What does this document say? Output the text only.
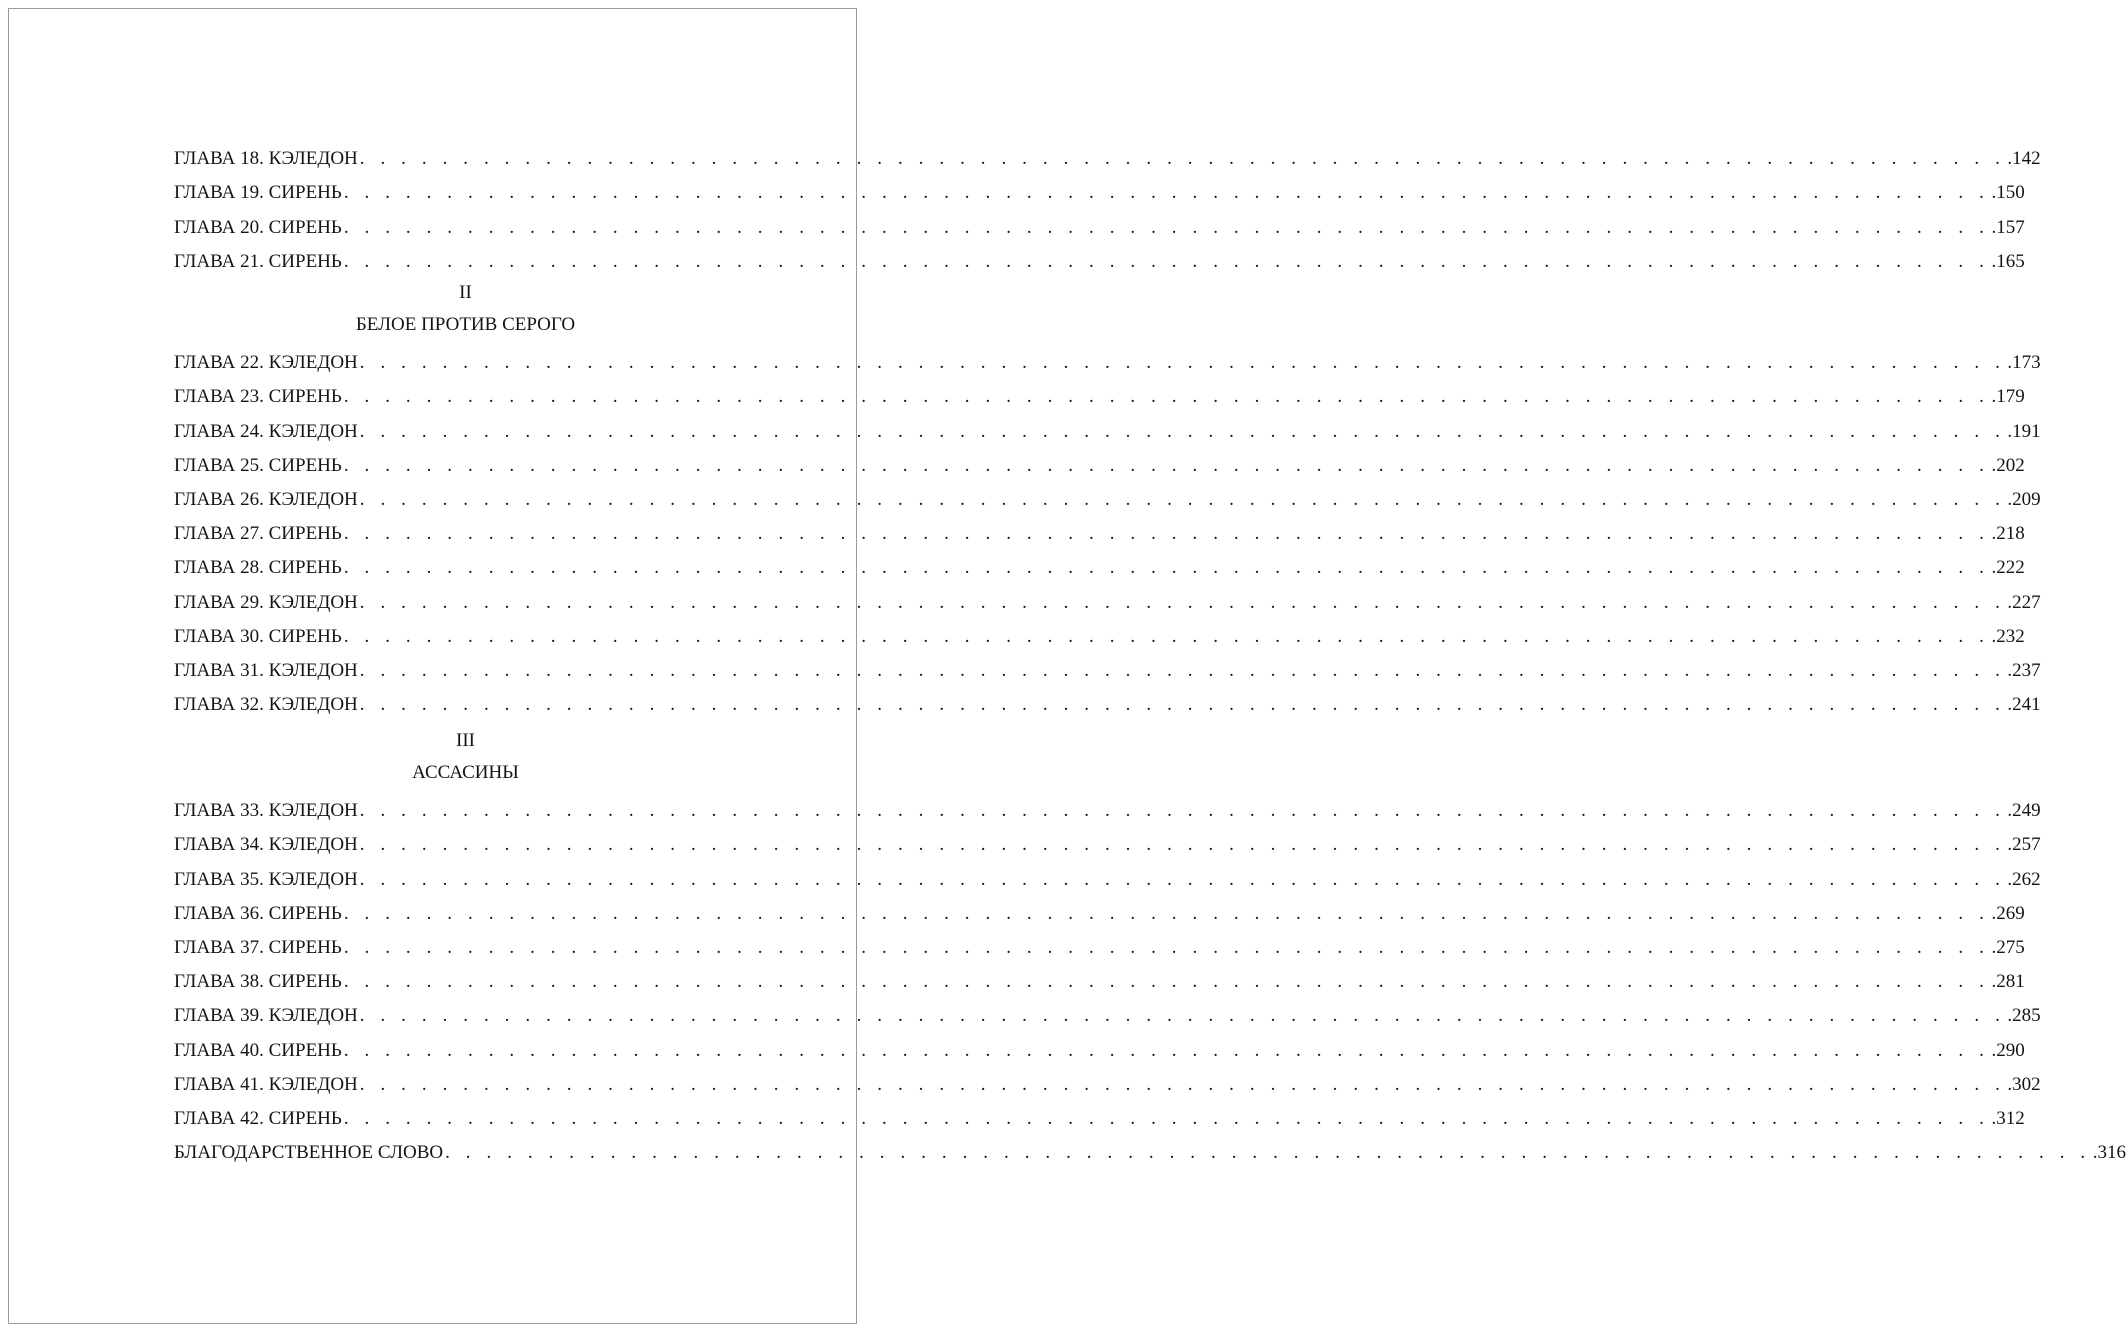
ГЛАВА 18. КЭЛЕДОН . . . . . . . . . . . . . . . . . . . . . . . . . . . . . . . . . . . . . . . . . . . . . . . . . . . . . . . . . . . . . . . . . . . . . . . . . . . . . . . . .142
ГЛАВА 19. СИРЕНЬ . . . . . . . . . . . . . . . . . . . . . . . . . . . . . . . . . . . . . . . . . . . . . . . . . . . . . . . . . . . . . . . . . . . . . . . . . . . . . . . . .150
ГЛАВА 20. СИРЕНЬ . . . . . . . . . . . . . . . . . . . . . . . . . . . . . . . . . . . . . . . . . . . . . . . . . . . . . . . . . . . . . . . . . . . . . . . . . . . . . . . . .157
ГЛАВА 21. СИРЕНЬ . . . . . . . . . . . . . . . . . . . . . . . . . . . . . . . . . . . . . . . . . . . . . . . . . . . . . . . . . . . . . . . . . . . . . . . . . . . . . . . . .165
II
БЕЛОЕ ПРОТИВ СЕРОГО
ГЛАВА 22. КЭЛЕДОН . . . . . . . . . . . . . . . . . . . . . . . . . . . . . . . . . . . . . . . . . . . . . . . . . . . . . . . . . . . . . . . . . . . . . . . . . . . . . . . . .173
ГЛАВА 23. СИРЕНЬ . . . . . . . . . . . . . . . . . . . . . . . . . . . . . . . . . . . . . . . . . . . . . . . . . . . . . . . . . . . . . . . . . . . . . . . . . . . . . . . . .179
ГЛАВА 24. КЭЛЕДОН . . . . . . . . . . . . . . . . . . . . . . . . . . . . . . . . . . . . . . . . . . . . . . . . . . . . . . . . . . . . . . . . . . . . . . . . . . . . . . . . .191
ГЛАВА 25. СИРЕНЬ . . . . . . . . . . . . . . . . . . . . . . . . . . . . . . . . . . . . . . . . . . . . . . . . . . . . . . . . . . . . . . . . . . . . . . . . . . . . . . . . .202
ГЛАВА 26. КЭЛЕДОН . . . . . . . . . . . . . . . . . . . . . . . . . . . . . . . . . . . . . . . . . . . . . . . . . . . . . . . . . . . . . . . . . . . . . . . . . . . . . . . . .209
ГЛАВА 27. СИРЕНЬ . . . . . . . . . . . . . . . . . . . . . . . . . . . . . . . . . . . . . . . . . . . . . . . . . . . . . . . . . . . . . . . . . . . . . . . . . . . . . . . . .218
ГЛАВА 28. СИРЕНЬ . . . . . . . . . . . . . . . . . . . . . . . . . . . . . . . . . . . . . . . . . . . . . . . . . . . . . . . . . . . . . . . . . . . . . . . . . . . . . . . . .222
ГЛАВА 29. КЭЛЕДОН . . . . . . . . . . . . . . . . . . . . . . . . . . . . . . . . . . . . . . . . . . . . . . . . . . . . . . . . . . . . . . . . . . . . . . . . . . . . . . . . .227
ГЛАВА 30. СИРЕНЬ . . . . . . . . . . . . . . . . . . . . . . . . . . . . . . . . . . . . . . . . . . . . . . . . . . . . . . . . . . . . . . . . . . . . . . . . . . . . . . . . .232
ГЛАВА 31. КЭЛЕДОН . . . . . . . . . . . . . . . . . . . . . . . . . . . . . . . . . . . . . . . . . . . . . . . . . . . . . . . . . . . . . . . . . . . . . . . . . . . . . . . . .237
ГЛАВА 32. КЭЛЕДОН . . . . . . . . . . . . . . . . . . . . . . . . . . . . . . . . . . . . . . . . . . . . . . . . . . . . . . . . . . . . . . . . . . . . . . . . . . . . . . . . .241
III
АССАСИНЫ
ГЛАВА 33. КЭЛЕДОН . . . . . . . . . . . . . . . . . . . . . . . . . . . . . . . . . . . . . . . . . . . . . . . . . . . . . . . . . . . . . . . . . . . . . . . . . . . . . . . . .249
ГЛАВА 34. КЭЛЕДОН . . . . . . . . . . . . . . . . . . . . . . . . . . . . . . . . . . . . . . . . . . . . . . . . . . . . . . . . . . . . . . . . . . . . . . . . . . . . . . . . .257
ГЛАВА 35. КЭЛЕДОН . . . . . . . . . . . . . . . . . . . . . . . . . . . . . . . . . . . . . . . . . . . . . . . . . . . . . . . . . . . . . . . . . . . . . . . . . . . . . . . . .262
ГЛАВА 36. СИРЕНЬ . . . . . . . . . . . . . . . . . . . . . . . . . . . . . . . . . . . . . . . . . . . . . . . . . . . . . . . . . . . . . . . . . . . . . . . . . . . . . . . . .269
ГЛАВА 37. СИРЕНЬ . . . . . . . . . . . . . . . . . . . . . . . . . . . . . . . . . . . . . . . . . . . . . . . . . . . . . . . . . . . . . . . . . . . . . . . . . . . . . . . . .275
ГЛАВА 38. СИРЕНЬ . . . . . . . . . . . . . . . . . . . . . . . . . . . . . . . . . . . . . . . . . . . . . . . . . . . . . . . . . . . . . . . . . . . . . . . . . . . . . . . . .281
ГЛАВА 39. КЭЛЕДОН . . . . . . . . . . . . . . . . . . . . . . . . . . . . . . . . . . . . . . . . . . . . . . . . . . . . . . . . . . . . . . . . . . . . . . . . . . . . . . . . .285
ГЛАВА 40. СИРЕНЬ . . . . . . . . . . . . . . . . . . . . . . . . . . . . . . . . . . . . . . . . . . . . . . . . . . . . . . . . . . . . . . . . . . . . . . . . . . . . . . . . .290
ГЛАВА 41. КЭЛЕДОН . . . . . . . . . . . . . . . . . . . . . . . . . . . . . . . . . . . . . . . . . . . . . . . . . . . . . . . . . . . . . . . . . . . . . . . . . . . . . . . . .302
ГЛАВА 42. СИРЕНЬ . . . . . . . . . . . . . . . . . . . . . . . . . . . . . . . . . . . . . . . . . . . . . . . . . . . . . . . . . . . . . . . . . . . . . . . . . . . . . . . . .312
БЛАГОДАРСТВЕННОЕ СЛОВО . . . . . . . . . . . . . . . . . . . . . . . . . . . . . . . . . . . . . . . . . . . . . . . . . . . . . . . . . . . . . . . . . . . . . . . . . . . . . . . . .316
